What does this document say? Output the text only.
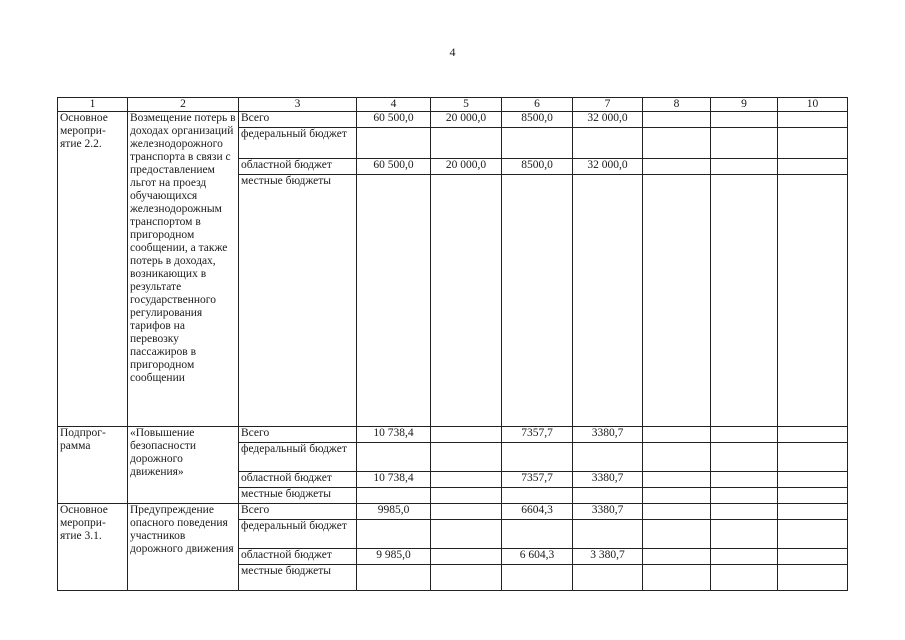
4
1	2	3	4	5	6	7	8	9	10
Основное меропри-ятие 2.2.	Возмещение потерь в доходах организаций железнодорожного транспорта в связи с предоставлением льгот на проезд обучающихся железнодорожным транспортом в пригородном сообщении, а также потерь в доходах, возникающих в результате государственного регулирования тарифов на перевозку пассажиров в пригородном сообщении	Всего	60 500,0	20 000,0	8500,0	32 000,0			
		федеральный бюджет							
		областной бюджет	60 500,0	20 000,0	8500,0	32 000,0			
		местные бюджеты							
Подпрог-рамма	«Повышение безопасности дорожного движения»	Всего	10 738,4		7357,7	3380,7			
		федеральный бюджет							
		областной бюджет	10 738,4		7357,7	3380,7			
		местные бюджеты							
Основное меропри-ятие 3.1.	Предупреждение опасного поведения участников дорожного движения	Всего	9985,0		6604,3	3380,7			
		федеральный бюджет							
		областной бюджет	9 985,0		6 604,3	3 380,7			
		местные бюджеты							
